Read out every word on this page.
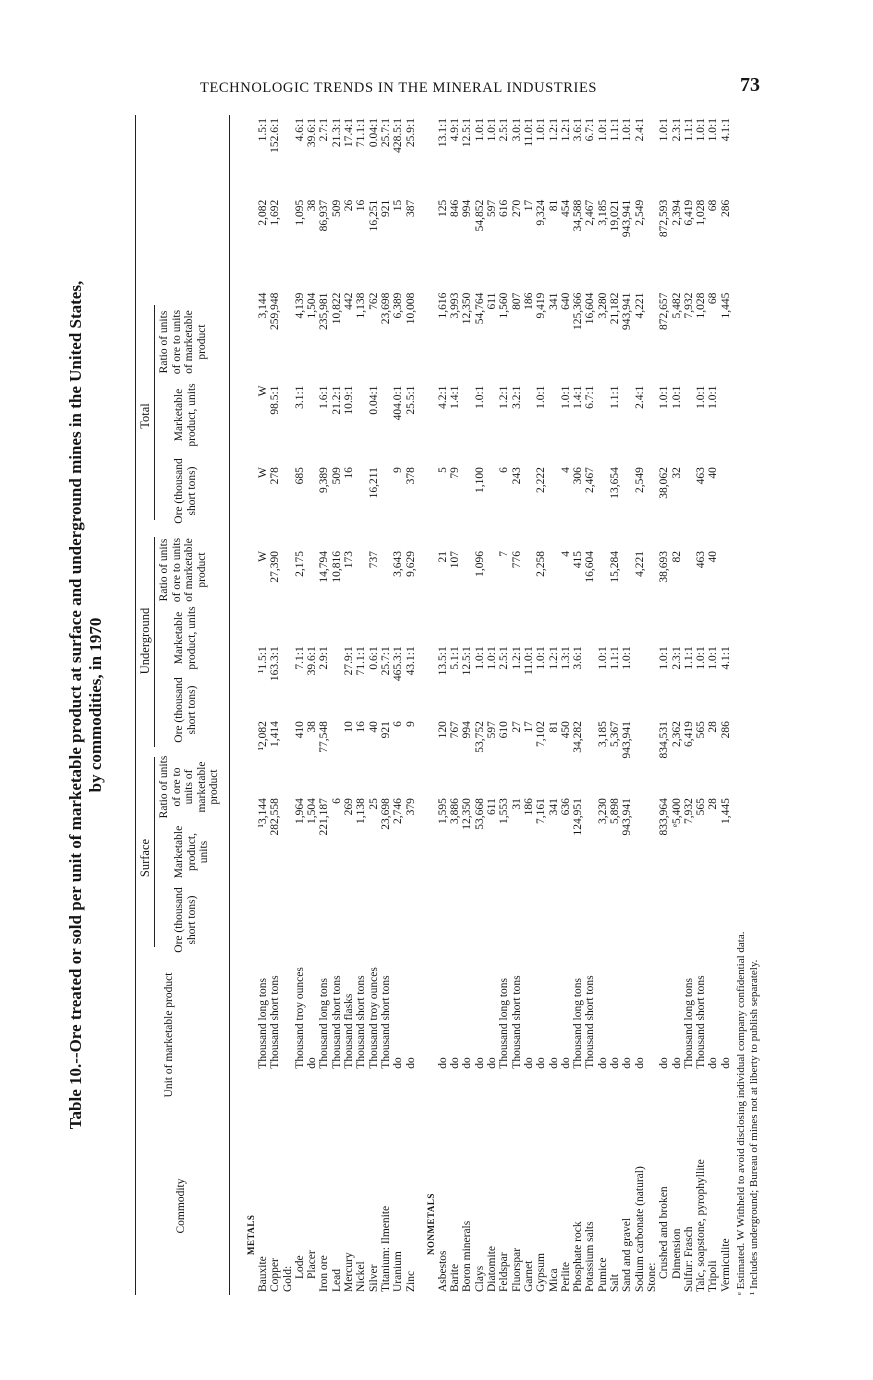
TECHNOLOGIC TRENDS IN THE MINERAL INDUSTRIES	73
Table 10.--Ore treated or sold per unit of marketable product at surface and underground mines in the United States, by commodities, in 1970
Commodity
Unit of marketable product
Surface
Underground
Total
Ore (thousand short tons)
Marketable product, units
Ratio of units of ore to units of marketable product
Ore (thousand short tons)
Marketable product, units
Ratio of units of ore to units of marketable product
Ore (thousand short tons)
Marketable product, units
Ratio of units of ore to units of marketable product
METALS										
Bauxite	Thousand long tons	¹3,144	¹2,082	¹1.5:1	W	W	W	3,144	2,082	1.5:1
Copper	Thousand short tons	282,558	1,414	163.3:1	27,390	278	98.5:1	259,948	1,692	152.6:1
Gold:										
Lode	Thousand troy ounces	1,964	410	7.1:1	2,175	685	3.1:1	4,139	1,095	4.6:1
Placer	do	1,504	38	39.6:1				1,504	38	39.6:1
Iron ore	Thousand long tons	221,187	77,548	2.9:1	14,794	9,389	1.6:1	235,981	86,937	2.7:1
Lead	Thousand short tons	6			10,816	509	21.2:1	10,822	509	21.3:1
Mercury	Thousand flasks	269	10	27.9:1	173	16	10.9:1	442	26	17.4:1
Nickel	Thousand short tons	1,138	16	71.1:1				1,138	16	71.1:1
Silver	Thousand troy ounces	25	40	0.6:1	737	16,211	0.04:1	762	16,251	0.04:1
Titanium: Ilmenite	Thousand short tons	23,698	921	25.7:1				23,698	921	25.7:1
Uranium	do	2,746	6	465.3:1	3,643	9	404.0:1	6,389	15	428.5:1
Zinc	do	379	9	43.1:1	9,629	378	25.5:1	10,008	387	25.9:1
NONMETALS										
Asbestos	do	1,595	120	13.5:1	21	5	4.2:1	1,616	125	13.1:1
Barite	do	3,886	767	5.1:1	107	79	1.4:1	3,993	846	4.9:1
Boron minerals	do	12,350	994	12.5:1				12,350	994	12.5:1
Clays	do	53,668	53,752	1.0:1	1,096	1,100	1.0:1	54,764	54,852	1.0:1
Diatomite	do	611	597	1.0:1				611	597	1.0:1
Feldspar	Thousand long tons	1,553	610	2.5:1	7	6	1.2:1	1,560	616	2.5:1
Fluorspar	Thousand short tons	31	27	1.2:1	776	243	3.2:1	807	270	3.0:1
Garnet	do	186	17	11.0:1				186	17	11.0:1
Gypsum	do	7,161	7,102	1.0:1	2,258	2,222	1.0:1	9,419	9,324	1.0:1
Mica	do	341	81	1.2:1				341	81	1.2:1
Perlite	do	636	450	1.3:1	4	4	1.0:1	640	454	1.2:1
Phosphate rock	Thousand long tons	124,951	34,282	3.6:1	415	306	1.4:1	125,366	34,588	3.6:1
Potassium salts	Thousand short tons				16,604	2,467	6.7:1	16,604	2,467	6.7:1
Pumice	do	3,230	3,185	1.0:1				3,280	3,185	1.0:1
Salt	do	5,898	5,367	1.1:1	15,284	13,654	1.1:1	21,182	19,021	1.1:1
Sand and gravel	do	943,941	943,941	1.0:1				943,941	943,941	1.0:1
Sodium carbonate (natural)	do				4,221	2,549	2.4:1	4,221	2,549	2.4:1
Stone:										
Crushed and broken	do	833,964	834,531	1.0:1	38,693	38,062	1.0:1	872,657	872,593	1.0:1
Dimension	do	ᵉ5,400	2,362	2.3:1	82	32	1.0:1	5,482	2,394	2.3:1
Sulfur: Frasch	Thousand long tons	7,932	6,419	1.1:1				7,932	6,419	1.1:1
Talc, soapstone, pyrophyllite	Thousand short tons	565	565	1.0:1	463	463	1.0:1	1,028	1,028	1.0:1
Tripoli	do	28	28	1.0:1	40	40	1.0:1	68	68	1.0:1
Vermiculite	do	1,445	286	4.1:1				1,445	286	4.1:1
ᵉ Estimated. W Withheld to avoid disclosing individual company confidential data. ¹ Includes underground; Bureau of mines not at liberty to publish separately.
